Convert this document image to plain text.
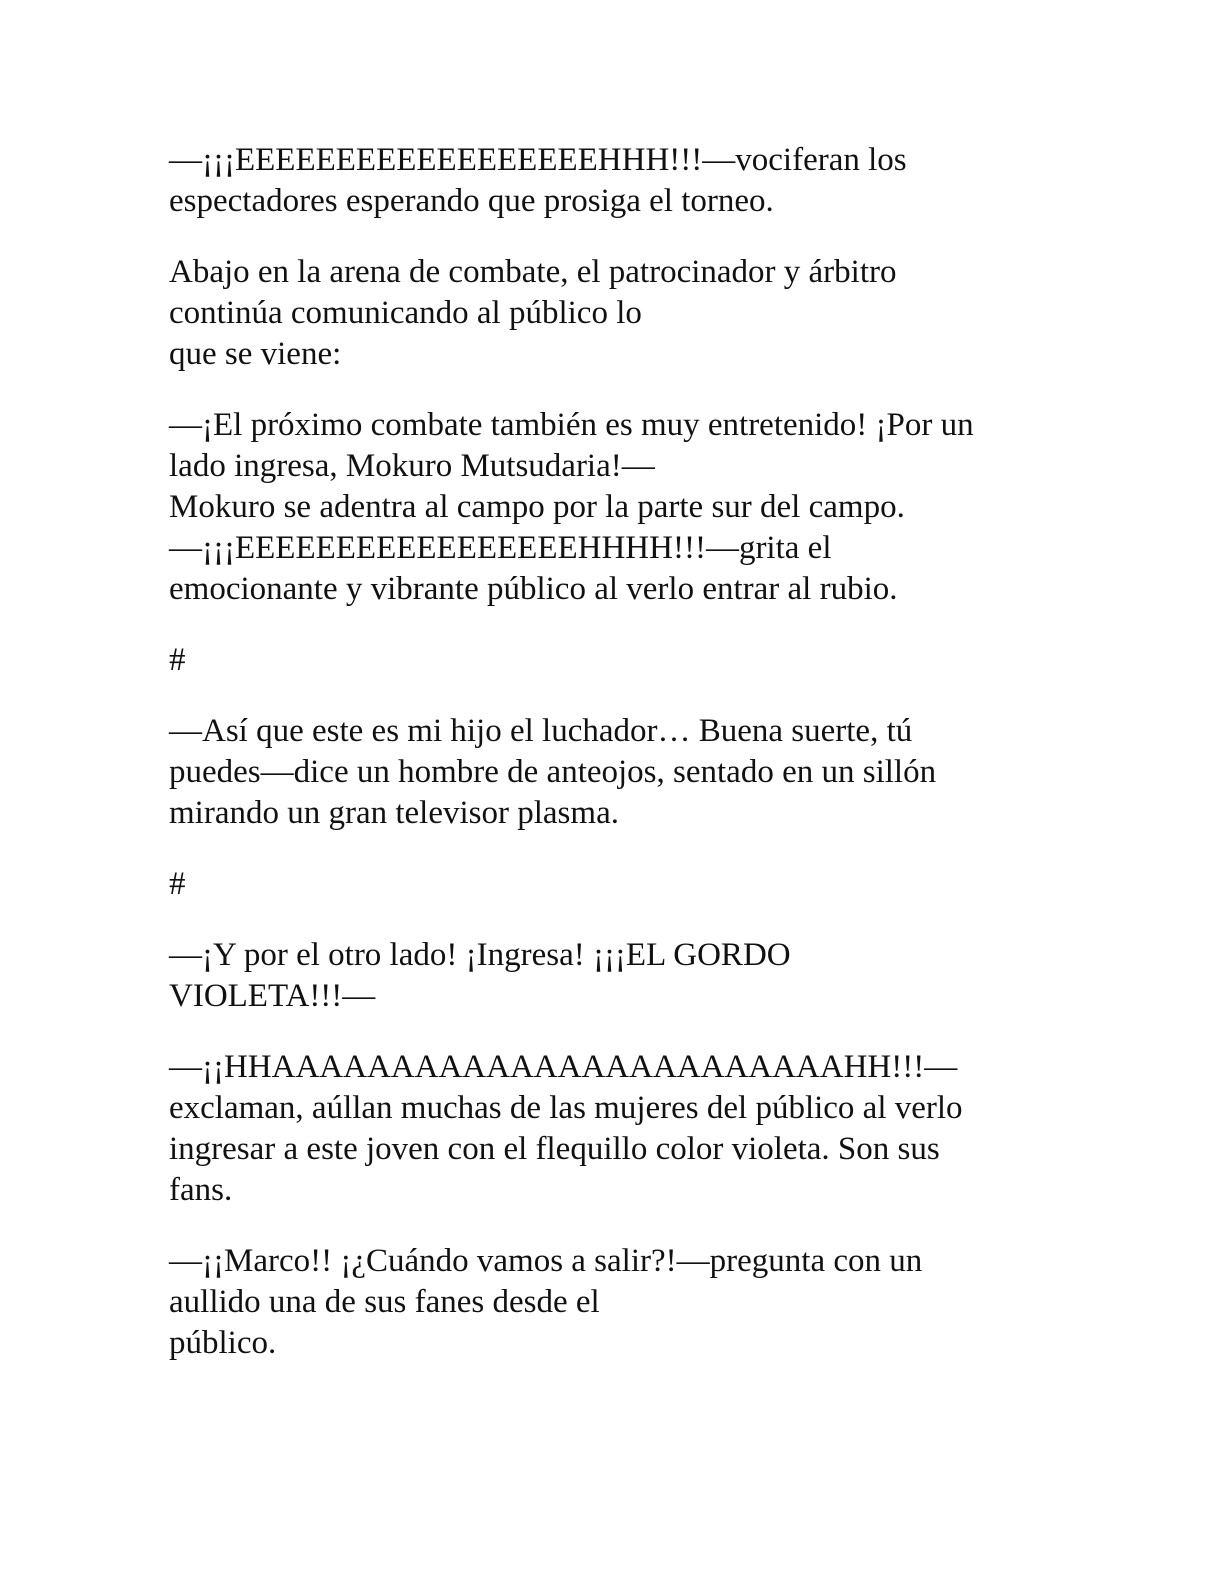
—¡¡¡EEEEEEEEEEEEEEEEEEHHH!!!—vociferan los
espectadores esperando que prosiga el torneo.
Abajo en la arena de combate, el patrocinador y árbitro
continúa comunicando al público lo
que se viene:
—¡El próximo combate también es muy entretenido! ¡Por un
lado ingresa, Mokuro Mutsudaria!—
Mokuro se adentra al campo por la parte sur del campo.
—¡¡¡EEEEEEEEEEEEEEEEEHHHH!!!—grita el
emocionante y vibrante público al verlo entrar al rubio.
#
—Así que este es mi hijo el luchador… Buena suerte, tú
puedes—dice un hombre de anteojos, sentado en un sillón
mirando un gran televisor plasma.
#
—¡Y por el otro lado! ¡Ingresa! ¡¡¡EL GORDO
VIOLETA!!!—
—¡¡HHAAAAAAAAAAAAAAAAAAAAAAAAHH!!!—
exclaman, aúllan muchas de las mujeres del público al verlo
ingresar a este joven con el flequillo color violeta. Son sus
fans.
—¡¡Marco!! ¡¿Cuándo vamos a salir?!—pregunta con un
aullido una de sus fanes desde el
público.
